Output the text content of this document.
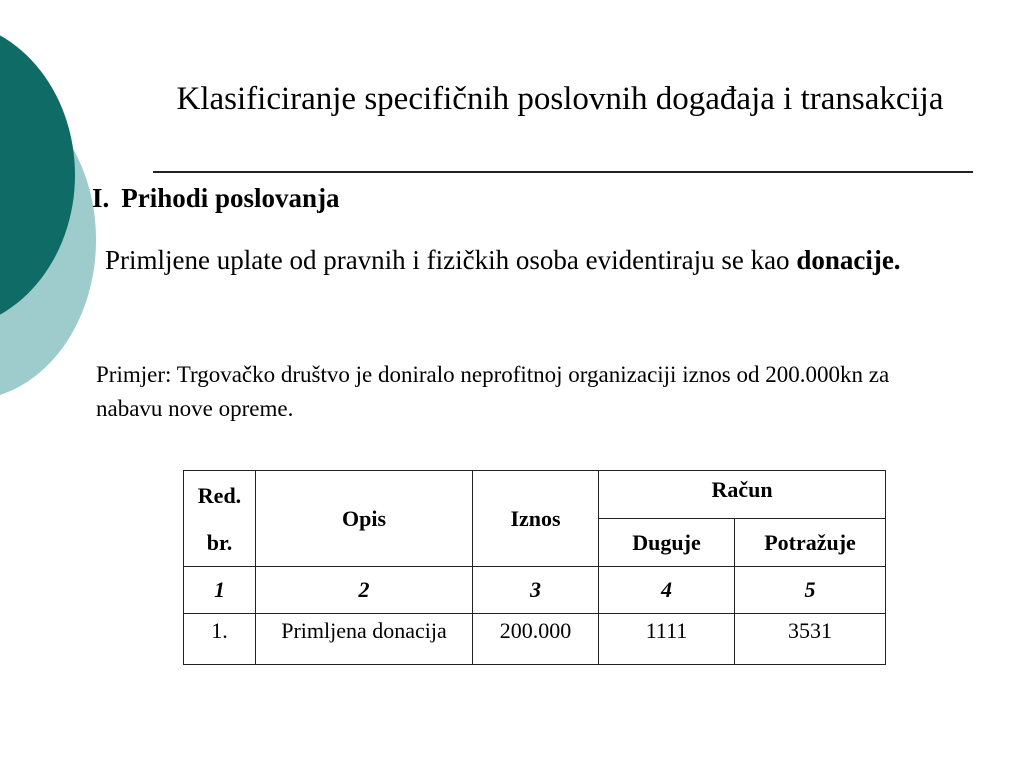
Klasificiranje specifičnih poslovnih događaja i transakcija
I. Prihodi poslovanja

Primljene uplate od pravnih i fizičkih osoba evidentiraju se kao donacije.

Primjer: Trgovačko društvo je doniralo neprofitnoj organizaciji iznos od 200.000kn za nabavu nove opreme.

Red.
br.	Opis	Iznos	Račun	
			Duguje	Potražuje
1	2	3	4	5
1.	Primljena donacija	200.000	1111	3531
